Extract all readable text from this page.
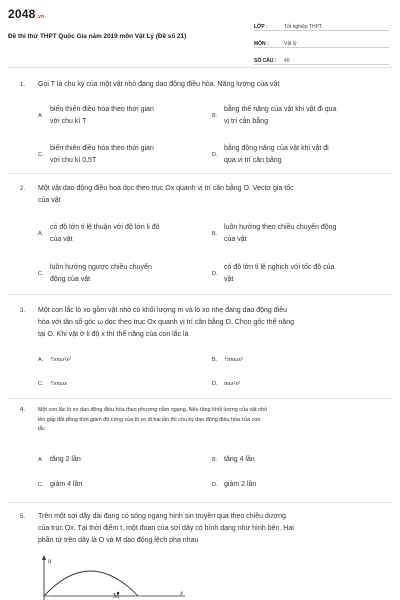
2048.vn
Đề thi thử THPT Quốc Gia năm 2019 môn Vật Lý (Đề số 21)
LỚP :	Tốt nghiệp THPT
MÔN :	Vật lý
SỐ CÂU :	40
1. Gọi T là chu kỳ của một vật nhỏ đang dao động điều hòa. Năng lượng của vật
A.
biến thiên điều hòa theo thời gian
với chu kì T
B.
bằng thế năng của vật khi vật đi qua
vị trí cân bằng
C.
biến thiên điều hòa theo thời gian
với chu kì 0,5T
D.
bằng động năng của vật khi vật đi
qua vị trí cân bằng
2. Một vật dao động điều hoà dọc theo trục Ox quanh vị trí cân bằng O. Vectơ gia tốc
của vật
A.
có độ lớn tỉ lệ thuận với độ lớn li độ
của vật
B.
luôn hướng theo chiều chuyển động
của vật
C.
luôn hướng ngược chiều chuyển
động của vật
D.
có độ lớn tỉ lệ nghịch với tốc độ của
vật
3. Một con lắc lò xo gồm vật nhỏ có khối lượng m và lò xo nhẹ đang dao động điều
hòa với tần số góc ω dọc theo trục Ox quanh vị trí cân bằng O. Chọn gốc thế năng
tại O. Khi vật ở li độ x thì thế năng của con lắc là
A.	½mω²x²	B.	½mωx²
C.	½mωx	D.	mω²x²
4. Một con lắc lò xo dao động điều hòa theo phương nằm ngang. Nếu tăng khối lượng của vật nhỏ
lên gấp đôi đồng thời giảm độ cứng của lò xo đi hai lần thì chu kỳ dao động điều hòa của con
lắc
A. tăng 2 lần	B. tăng 4 lần
C. giảm 4 lần	D. giảm 2 lần
5. Trên một sợi dây dài đang có sóng ngang hình sin truyền qua theo chiều dương
của trục Ox. Tại thời điểm t, một đoạn của sợi dây có hình dạng như hình bên. Hai
phần tử trên dây là O và M dao động lệch pha nhau
u
M	x
